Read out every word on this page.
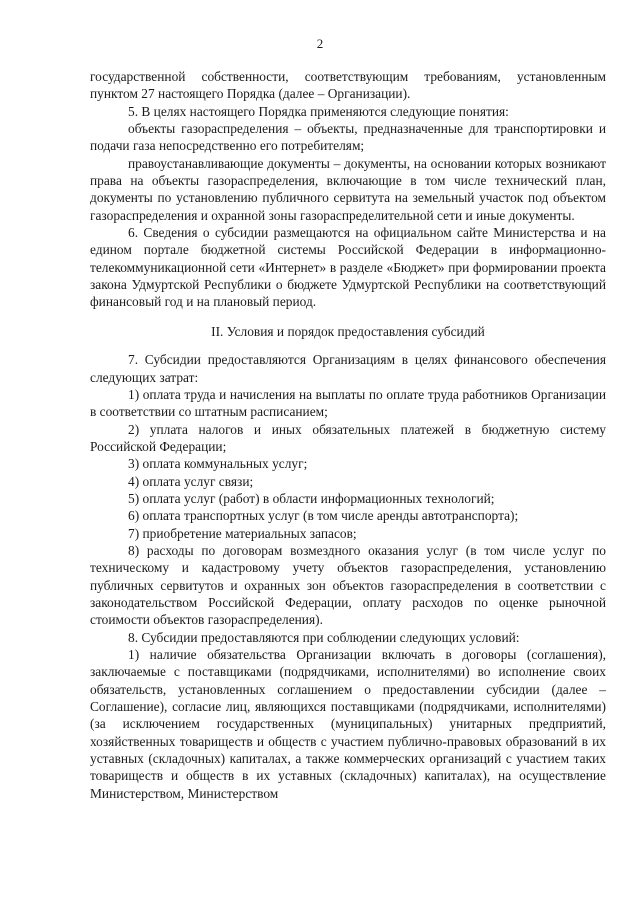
2

государственной собственности, соответствующим требованиям, установленным пунктом 27 настоящего Порядка (далее – Организации).

5. В целях настоящего Порядка применяются следующие понятия:

объекты газораспределения – объекты, предназначенные для транспортировки и подачи газа непосредственно его потребителям;

правоустанавливающие документы – документы, на основании которых возникают права на объекты газораспределения, включающие в том числе технический план, документы по установлению публичного сервитута на земельный участок под объектом газораспределения и охранной зоны газораспределительной сети и иные документы.

6. Сведения о субсидии размещаются на официальном сайте Министерства и на едином портале бюджетной системы Российской Федерации в информационно-телекоммуникационной сети «Интернет» в разделе «Бюджет» при формировании проекта закона Удмуртской Республики о бюджете Удмуртской Республики на соответствующий финансовый год и на плановый период.

II. Условия и порядок предоставления субсидий

7. Субсидии предоставляются Организациям в целях финансового обеспечения следующих затрат:

1) оплата труда и начисления на выплаты по оплате труда работников Организации в соответствии со штатным расписанием;

2) уплата налогов и иных обязательных платежей в бюджетную систему Российской Федерации;

3) оплата коммунальных услуг;

4) оплата услуг связи;

5) оплата услуг (работ) в области информационных технологий;

6) оплата транспортных услуг (в том числе аренды автотранспорта);

7) приобретение материальных запасов;

8) расходы по договорам возмездного оказания услуг (в том числе услуг по техническому и кадастровому учету объектов газораспределения, установлению публичных сервитутов и охранных зон объектов газораспределения в соответствии с законодательством Российской Федерации, оплату расходов по оценке рыночной стоимости объектов газораспределения).

8. Субсидии предоставляются при соблюдении следующих условий:

1) наличие обязательства Организации включать в договоры (соглашения), заключаемые с поставщиками (подрядчиками, исполнителями) во исполнение своих обязательств, установленных соглашением о предоставлении субсидии (далее – Соглашение), согласие лиц, являющихся поставщиками (подрядчиками, исполнителями) (за исключением государственных (муниципальных) унитарных предприятий, хозяйственных товариществ и обществ с участием публично-правовых образований в их уставных (складочных) капиталах, а также коммерческих организаций с участием таких товариществ и обществ в их уставных (складочных) капиталах), на осуществление Министерством, Министерством
